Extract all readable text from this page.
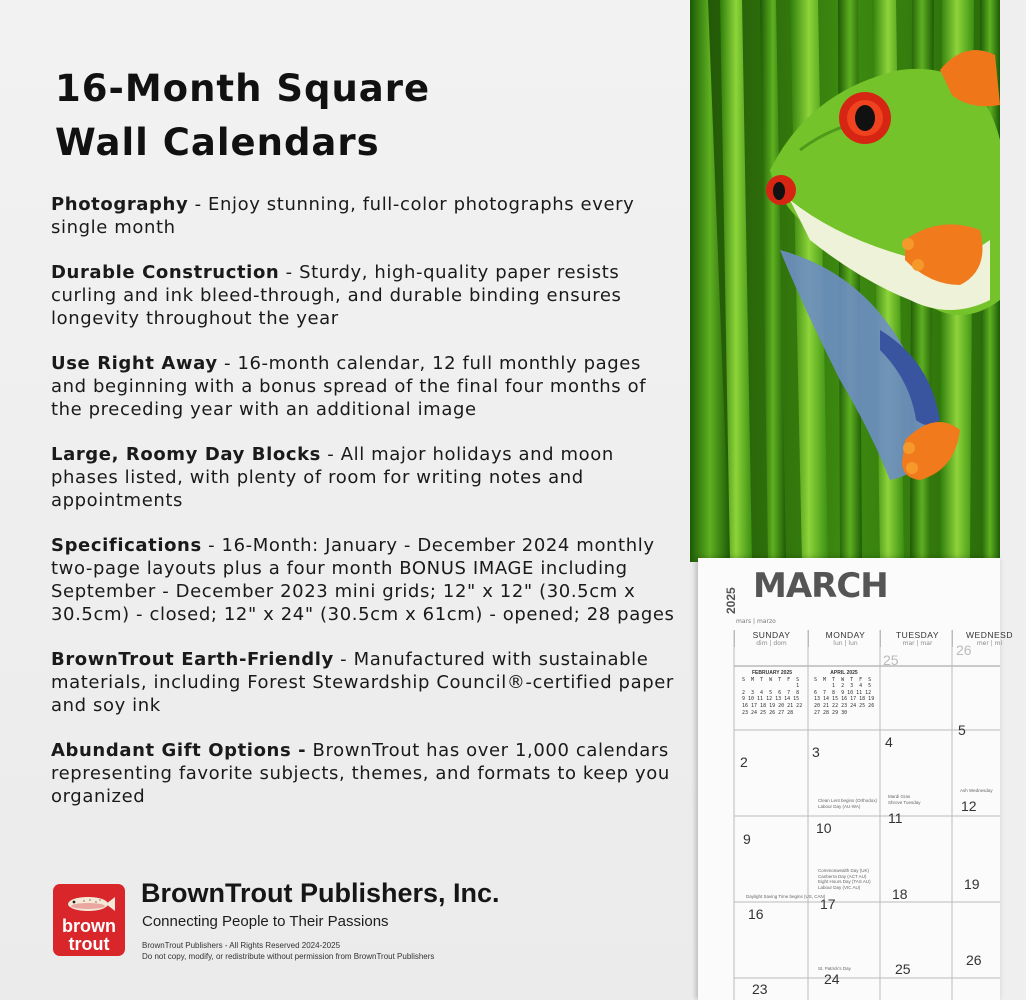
16-Month Square
Wall Calendars

Photography - Enjoy stunning, full-color photographs every single month

Durable Construction - Sturdy, high-quality paper resists curling and ink bleed-through, and durable binding ensures longevity throughout the year

Use Right Away - 16-month calendar, 12 full monthly pages and beginning with a bonus spread of the final four months of the preceding year with an additional image

Large, Roomy Day Blocks - All major holidays and moon phases listed, with plenty of room for writing notes and appointments

Specifications - 16-Month: January - December 2024 monthly two-page layouts plus a four month BONUS IMAGE including September - December 2023 mini grids; 12" x 12" (30.5cm x 30.5cm) - closed; 12" x 24" (30.5cm x 61cm) - opened; 28 pages

BrownTrout Earth-Friendly - Manufactured with sustainable materials, including Forest Stewardship Council®-certified paper and soy ink

Abundant Gift Options - BrownTrout has over 1,000 calendars representing favorite subjects, themes, and formats to keep you organized

brown
trout
BrownTrout Publishers, Inc.
Connecting People to Their Passions
BrownTrout Publishers - All Rights Reserved 2024-2025
Do not copy, modify, or redistribute without permission from BrownTrout Publishers
2025 MARCH
mars | marzo
SUNDAY
dim | dom
MONDAY
lun | lun
TUESDAY
mar | mar
WEDNESD
mer | mi
FEBRUARY 2025
S  M  T  W  T  F  S
1
2  3  4  5  6  7  8
9 10 11 12 13 14 15
16 17 18 19 20 21 22
23 24 25 26 27 28
APRIL 2025
S  M  T  W  T  F  S
1  2  3  4  5
6  7  8  9 10 11 12
13 14 15 16 17 18 19
20 21 22 23 24 25 26
27 28 29 30
25
26
2
3
4
5
9
10
11
12
16
17
18
19
23
24
25
26
Clean Lent begins (Orthodox)
Labour Day (AU-WA)
Mardi Gras
Shrove Tuesday
Ash Wednesday
Commonwealth Day (UK)
Canberra Day (ACT AU)
Eight Hours Day (TAS AU)
Labour Day (VIC AU)
Daylight Saving Time begins (US, CAN)
St. Patrick's Day
